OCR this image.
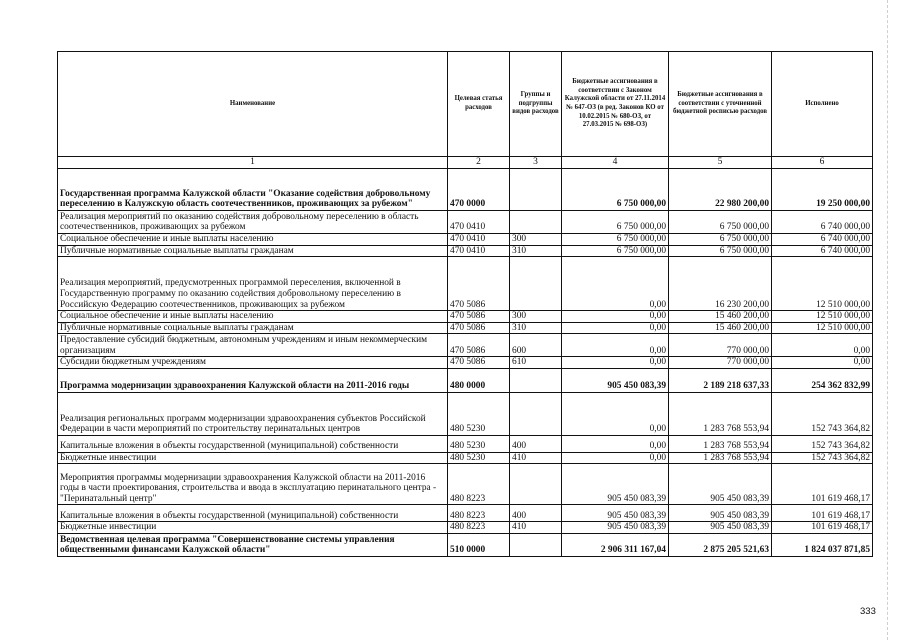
Наименование	Целевая статья расходов	Группы и подгруппы видов расходов	Бюджетные ассигнования в соответствии с Законом Калужской области от 27.11.2014 № 647-ОЗ (в ред. Законов КО от 10.02.2015 № 680-ОЗ, от 27.03.2015 № 698-ОЗ)	Бюджетные ассигнования в соответствии с уточненной бюджетной росписью расходов	Исполнено
1	2	3	4	5	6
Государственная программа Калужской области "Оказание содействия добровольному переселению в Калужскую область соотечественников, проживающих за рубежом"	470 0000		6 750 000,00	22 980 200,00	19 250 000,00
Реализация мероприятий по оказанию содействия добровольному переселению в область соотечественников, проживающих за рубежом	470 0410		6 750 000,00	6 750 000,00	6 740 000,00
Социальное обеспечение и иные выплаты населению	470 0410	300	6 750 000,00	6 750 000,00	6 740 000,00
Публичные нормативные социальные выплаты гражданам	470 0410	310	6 750 000,00	6 750 000,00	6 740 000,00
Реализация мероприятий, предусмотренных программой переселения, включенной в Государственную программу по оказанию содействия добровольному переселению в Российскую Федерацию соотечественников, проживающих за рубежом	470 5086		0,00	16 230 200,00	12 510 000,00
Социальное обеспечение и иные выплаты населению	470 5086	300	0,00	15 460 200,00	12 510 000,00
Публичные нормативные социальные выплаты гражданам	470 5086	310	0,00	15 460 200,00	12 510 000,00
Предоставление субсидий бюджетным, автономным учреждениям и иным некоммерческим организациям	470 5086	600	0,00	770 000,00	0,00
Субсидии бюджетным учреждениям	470 5086	610	0,00	770 000,00	0,00
Программа модернизации здравоохранения Калужской области на 2011-2016 годы	480 0000		905 450 083,39	2 189 218 637,33	254 362 832,99
Реализация региональных программ модернизации здравоохранения субъектов Российской Федерации в части мероприятий по строительству перинатальных центров	480 5230		0,00	1 283 768 553,94	152 743 364,82
Капитальные вложения в объекты государственной (муниципальной) собственности	480 5230	400	0,00	1 283 768 553,94	152 743 364,82
Бюджетные инвестиции	480 5230	410	0,00	1 283 768 553,94	152 743 364,82
Мероприятия программы модернизации здравоохранения Калужской области на 2011-2016 годы в части проектирования, строительства и ввода в эксплуатацию перинатального центра - "Перинатальный центр"	480 8223		905 450 083,39	905 450 083,39	101 619 468,17
Капитальные вложения в объекты государственной (муниципальной) собственности	480 8223	400	905 450 083,39	905 450 083,39	101 619 468,17
Бюджетные инвестиции	480 8223	410	905 450 083,39	905 450 083,39	101 619 468,17
Ведомственная целевая программа "Совершенствование системы управления общественными финансами Калужской области"	510 0000		2 906 311 167,04	2 875 205 521,63	1 824 037 871,85
333
